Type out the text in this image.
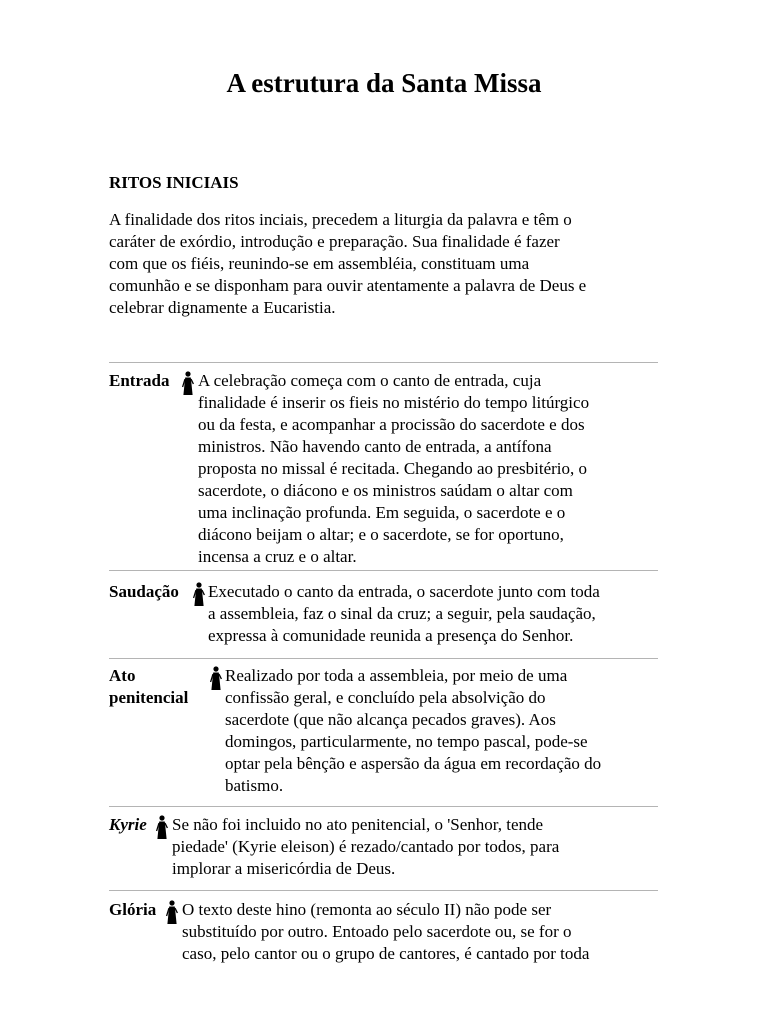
A estrutura da Santa Missa
RITOS INICIAIS

A finalidade dos ritos inciais, precedem a liturgia da palavra e têm o
caráter de exórdio, introdução e preparação. Sua finalidade é fazer
com que os fiéis, reunindo-se em assembléia, constituam uma
comunhão e se disponham para ouvir atentamente a palavra de Deus e
celebrar dignamente a Eucaristia.

Entrada A celebração começa com o canto de entrada, cuja
finalidade é inserir os fieis no mistério do tempo litúrgico
ou da festa, e acompanhar a procissão do sacerdote e dos
ministros. Não havendo canto de entrada, a antífona
proposta no missal é recitada. Chegando ao presbitério, o
sacerdote, o diácono e os ministros saúdam o altar com
uma inclinação profunda. Em seguida, o sacerdote e o
diácono beijam o altar; e o sacerdote, se for oportuno,
incensa a cruz e o altar.

Saudação Executado o canto da entrada, o sacerdote junto com toda
a assembleia, faz o sinal da cruz; a seguir, pela saudação,
expressa à comunidade reunida a presença do Senhor.

Ato
penitencial

Realizado por toda a assembleia, por meio de uma
confissão geral, e concluído pela absolvição do
sacerdote (que não alcança pecados graves). Aos
domingos, particularmente, no tempo pascal, pode-se
optar pela bênção e aspersão da água em recordação do
batismo.

Kyrie Se não foi incluido no ato penitencial, o 'Senhor, tende
piedade' (Kyrie eleison) é rezado/cantado por todos, para
implorar a misericórdia de Deus.

Glória O texto deste hino (remonta ao século II) não pode ser
substituído por outro. Entoado pelo sacerdote ou, se for o
caso, pelo cantor ou o grupo de cantores, é cantado por toda
